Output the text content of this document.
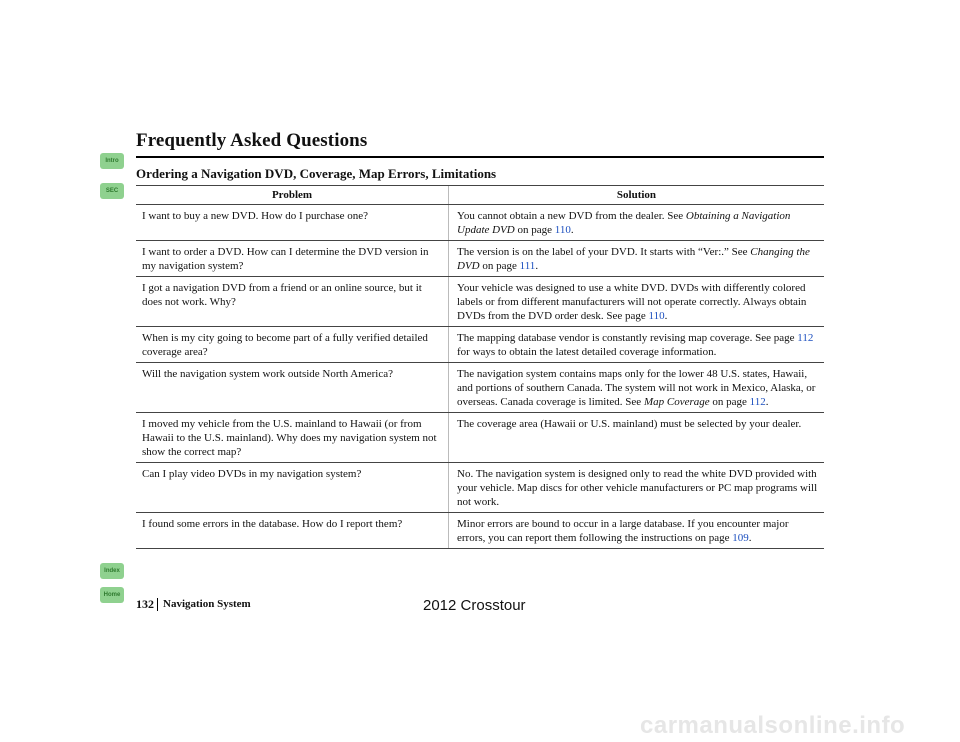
Intro
SEC
Index
Home
Frequently Asked Questions
Ordering a Navigation DVD, Coverage, Map Errors, Limitations
Problem	Solution
I want to buy a new DVD. How do I purchase one?	You cannot obtain a new DVD from the dealer. See Obtaining a Navigation Update DVD on page 110.
I want to order a DVD. How can I determine the DVD version in my navigation system?	The version is on the label of your DVD. It starts with “Ver:.” See Changing the DVD on page 111.
I got a navigation DVD from a friend or an online source, but it does not work. Why?	Your vehicle was designed to use a white DVD. DVDs with differently colored labels or from different manufacturers will not operate correctly. Always obtain DVDs from the DVD order desk. See page 110.
When is my city going to become part of a fully verified detailed coverage area?	The mapping database vendor is constantly revising map coverage. See page 112 for ways to obtain the latest detailed coverage information.
Will the navigation system work outside North America?	The navigation system contains maps only for the lower 48 U.S. states, Hawaii, and portions of southern Canada. The system will not work in Mexico, Alaska, or overseas. Canada coverage is limited. See Map Coverage on page 112.
I moved my vehicle from the U.S. mainland to Hawaii (or from Hawaii to the U.S. mainland). Why does my navigation system not show the correct map?	The coverage area (Hawaii or U.S. mainland) must be selected by your dealer.
Can I play video DVDs in my navigation system?	No. The navigation system is designed only to read the white DVD provided with your vehicle. Map discs for other vehicle manufacturers or PC map programs will not work.
I found some errors in the database. How do I report them?	Minor errors are bound to occur in a large database. If you encounter major errors, you can report them following the instructions on page 109.
132 Navigation System	2012 Crosstour
carmanualsonline.info
